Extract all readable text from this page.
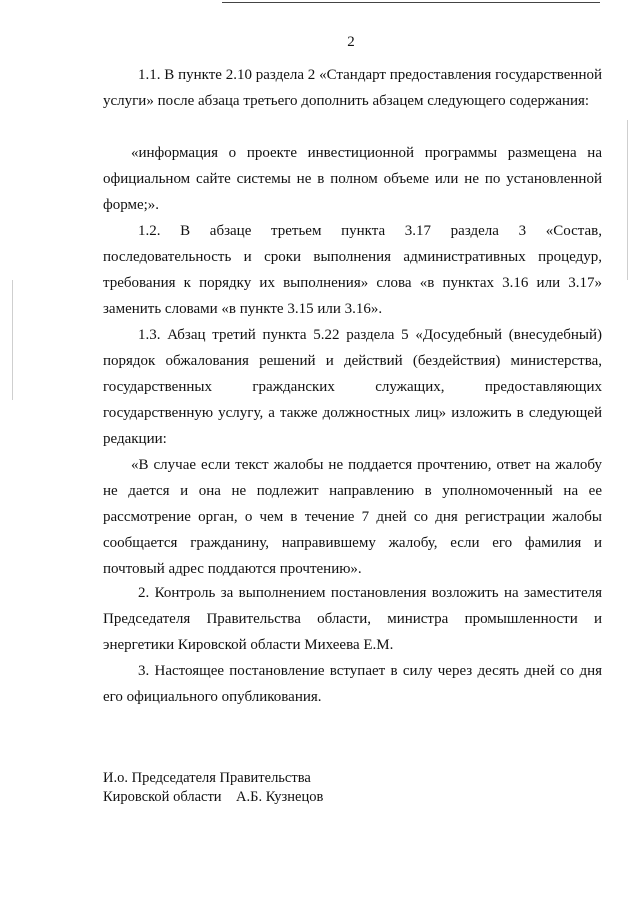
2

1.1. В пункте 2.10 раздела 2 «Стандарт предоставления государственной услуги» после абзаца третьего дополнить абзацем следующего содержания:

«информация о проекте инвестиционной программы размещена на официальном сайте системы не в полном объеме или не по установленной форме;».

1.2. В абзаце третьем пункта 3.17 раздела 3 «Состав, последовательность и сроки выполнения административных процедур, требования к порядку их выполнения» слова «в пунктах 3.16 или 3.17» заменить словами «в пункте 3.15 или 3.16».

1.3. Абзац третий пункта 5.22 раздела 5 «Досудебный (внесудебный) порядок обжалования решений и действий (бездействия) министерства, государственных гражданских служащих, предоставляющих государственную услугу, а также должностных лиц» изложить в следующей редакции:

«В случае если текст жалобы не поддается прочтению, ответ на жалобу не дается и она не подлежит направлению в уполномоченный на ее рассмотрение орган, о чем в течение 7 дней со дня регистрации жалобы сообщается гражданину, направившему жалобу, если его фамилия и почтовый адрес поддаются прочтению».

2. Контроль за выполнением постановления возложить на заместителя Председателя Правительства области, министра промышленности и энергетики Кировской области Михеева Е.М.

3. Настоящее постановление вступает в силу через десять дней со дня его официального опубликования.

И.о. Председателя Правительства
Кировской области    А.Б. Кузнецов
